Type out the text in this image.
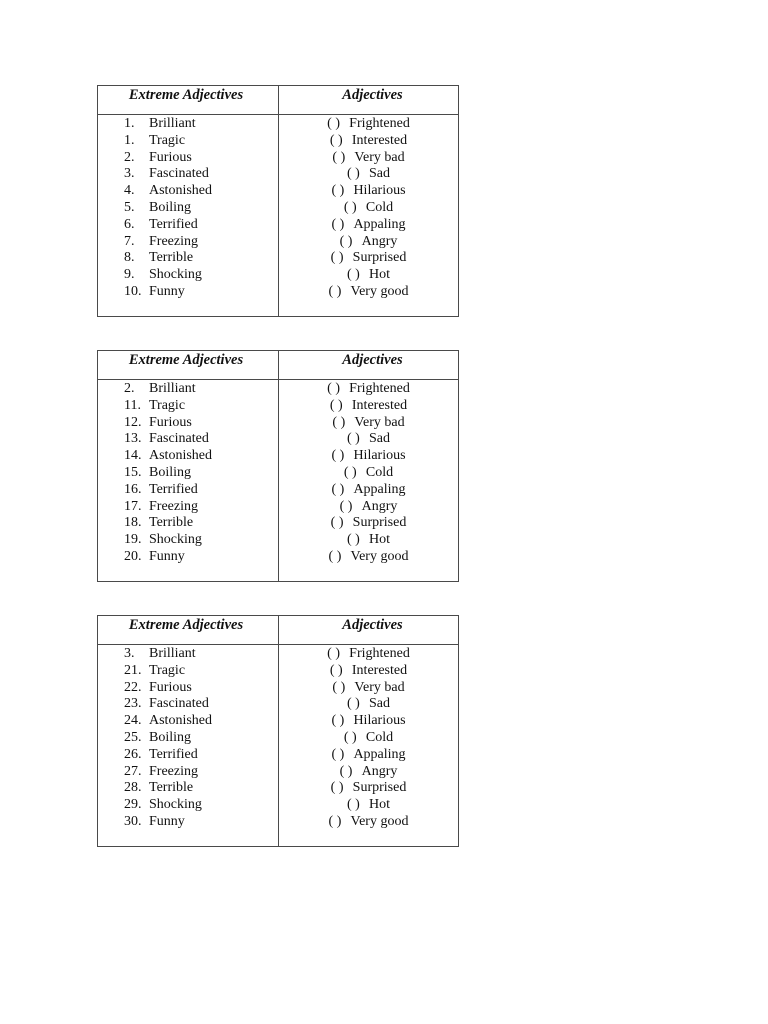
Extreme Adjectives	Adjectives
1.	Brilliant	( ) Frightened
1.	Tragic	( ) Interested
2.	Furious	( ) Very bad
3.	Fascinated	( ) Sad
4.	Astonished	( ) Hilarious
5.	Boiling	( ) Cold
6.	Terrified	( ) Appaling
7.	Freezing	( ) Angry
8.	Terrible	( ) Surprised
9.	Shocking	( ) Hot
10. Funny	( ) Very good
Extreme Adjectives	Adjectives
2.	Brilliant	( ) Frightened
11. Tragic	( ) Interested
12. Furious	( ) Very bad
13. Fascinated	( ) Sad
14. Astonished	( ) Hilarious
15. Boiling	( ) Cold
16. Terrified	( ) Appaling
17. Freezing	( ) Angry
18. Terrible	( ) Surprised
19. Shocking	( ) Hot
20. Funny	( ) Very good
Extreme Adjectives	Adjectives
3.	Brilliant	( ) Frightened
21. Tragic	( ) Interested
22. Furious	( ) Very bad
23. Fascinated	( ) Sad
24. Astonished	( ) Hilarious
25. Boiling	( ) Cold
26. Terrified	( ) Appaling
27. Freezing	( ) Angry
28. Terrible	( ) Surprised
29. Shocking	( ) Hot
30. Funny	( ) Very good
